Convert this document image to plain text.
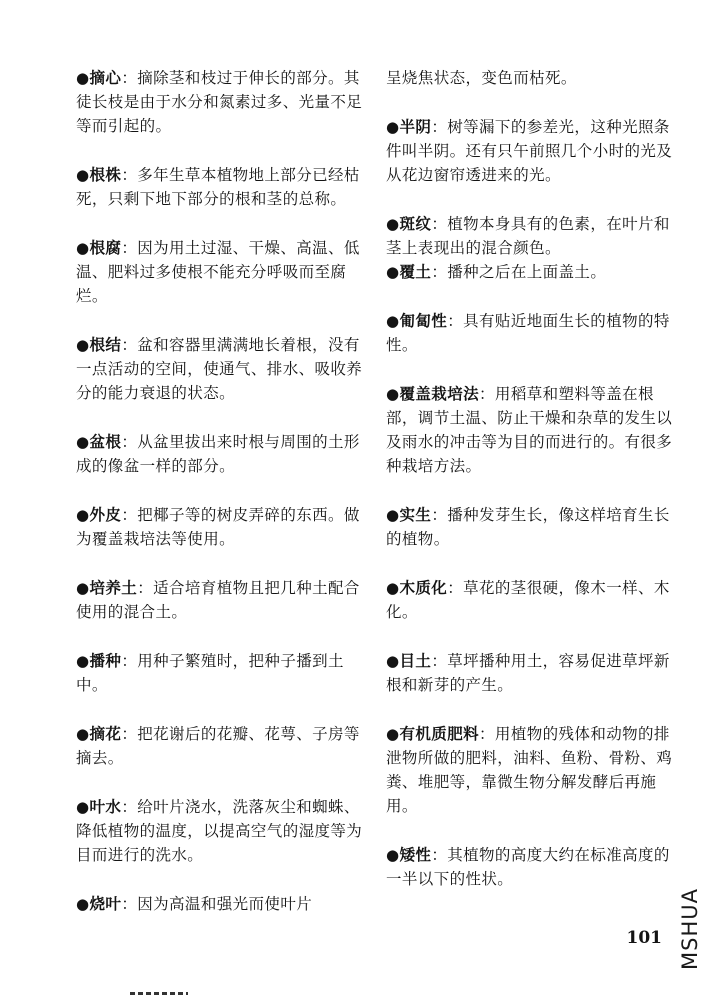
●摘心：摘除茎和枝过于伸长的部分。其徒长枝是由于水分和氮素过多、光量不足等而引起的。

●根株：多年生草本植物地上部分已经枯死，只剩下地下部分的根和茎的总称。

●根腐：因为用土过湿、干燥、高温、低温、肥料过多使根不能充分呼吸而至腐烂。

●根结：盆和容器里满满地长着根，没有一点活动的空间，使通气、排水、吸收养分的能力衰退的状态。

●盆根：从盆里拔出来时根与周围的土形成的像盆一样的部分。

●外皮：把椰子等的树皮弄碎的东西。做为覆盖栽培法等使用。

●培养土：适合培育植物且把几种土配合使用的混合土。

●播种：用种子繁殖时，把种子播到土中。

●摘花：把花谢后的花瓣、花萼、子房等摘去。

●叶水：给叶片浇水，洗落灰尘和蜘蛛、降低植物的温度，以提高空气的湿度等为目而进行的洗水。

●烧叶：因为高温和强光而使叶片

呈烧焦状态，变色而枯死。

●半阴：树等漏下的参差光，这种光照条件叫半阴。还有只午前照几个小时的光及从花边窗帘透进来的光。

●斑纹：植物本身具有的色素，在叶片和茎上表现出的混合颜色。

●覆土：播种之后在上面盖土。

●匍匐性：具有贴近地面生长的植物的特性。

●覆盖栽培法：用稻草和塑料等盖在根部，调节土温、防止干燥和杂草的发生以及雨水的冲击等为目的而进行的。有很多种栽培方法。

●实生：播种发芽生长，像这样培育生长的植物。

●木质化：草花的茎很硬，像木一样、木化。

●目土：草坪播种用土，容易促进草坪新根和新芽的产生。

●有机质肥料：用植物的残体和动物的排泄物所做的肥料，油料、鱼粉、骨粉、鸡粪、堆肥等，靠微生物分解发酵后再施用。

●矮性：其植物的高度大约在标准高度的一半以下的性状。

101 MSHUA
